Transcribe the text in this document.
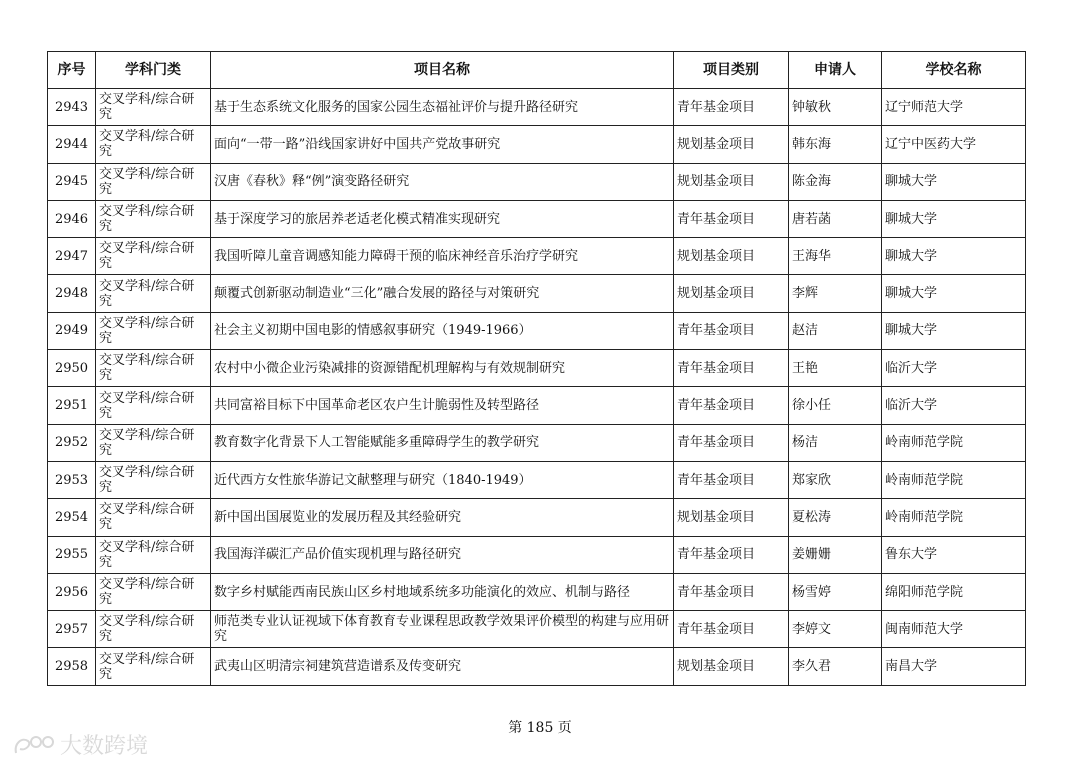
序号	学科门类	项目名称	项目类别	申请人	学校名称
2943	交叉学科/综合研究	基于生态系统文化服务的国家公园生态福祉评价与提升路径研究	青年基金项目	钟敏秋	辽宁师范大学
2944	交叉学科/综合研究	面向“一带一路”沿线国家讲好中国共产党故事研究	规划基金项目	韩东海	辽宁中医药大学
2945	交叉学科/综合研究	汉唐《春秋》释“例”演变路径研究	规划基金项目	陈金海	聊城大学
2946	交叉学科/综合研究	基于深度学习的旅居养老适老化模式精准实现研究	青年基金项目	唐若菡	聊城大学
2947	交叉学科/综合研究	我国听障儿童音调感知能力障碍干预的临床神经音乐治疗学研究	规划基金项目	王海华	聊城大学
2948	交叉学科/综合研究	颠覆式创新驱动制造业“三化”融合发展的路径与对策研究	规划基金项目	李辉	聊城大学
2949	交叉学科/综合研究	社会主义初期中国电影的情感叙事研究（1949-1966）	青年基金项目	赵洁	聊城大学
2950	交叉学科/综合研究	农村中小微企业污染减排的资源错配机理解构与有效规制研究	青年基金项目	王艳	临沂大学
2951	交叉学科/综合研究	共同富裕目标下中国革命老区农户生计脆弱性及转型路径	青年基金项目	徐小任	临沂大学
2952	交叉学科/综合研究	教育数字化背景下人工智能赋能多重障碍学生的教学研究	青年基金项目	杨洁	岭南师范学院
2953	交叉学科/综合研究	近代西方女性旅华游记文献整理与研究（1840-1949）	青年基金项目	郑家欣	岭南师范学院
2954	交叉学科/综合研究	新中国出国展览业的发展历程及其经验研究	规划基金项目	夏松涛	岭南师范学院
2955	交叉学科/综合研究	我国海洋碳汇产品价值实现机理与路径研究	青年基金项目	姜姗姗	鲁东大学
2956	交叉学科/综合研究	数字乡村赋能西南民族山区乡村地域系统多功能演化的效应、机制与路径	青年基金项目	杨雪婷	绵阳师范学院
2957	交叉学科/综合研究	师范类专业认证视域下体育教育专业课程思政教学效果评价模型的构建与应用研究	青年基金项目	李婷文	闽南师范大学
2958	交叉学科/综合研究	武夷山区明清宗祠建筑营造谱系及传变研究	规划基金项目	李久君	南昌大学
第 185 页
大数跨境
